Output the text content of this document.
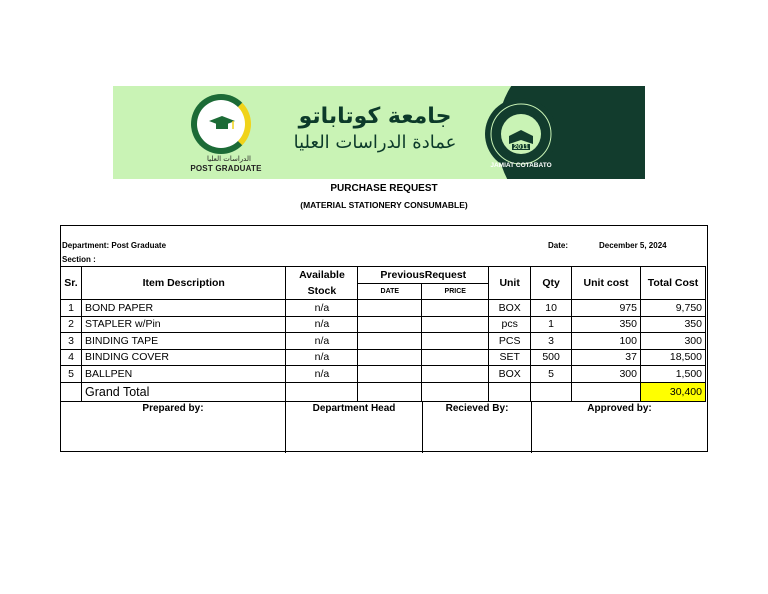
الدراسات العليا
POST GRADUATE
جامعة كوتاباتو
عمادة الدراسات العليا	2011
JAMIAT COTABATO
PURCHASE REQUEST
(MATERIAL STATIONERY CONSUMABLE)
Department: Post Graduate
Section :
Date:	December 5, 2024
Sr.	Item Description	Available	PreviousRequest		Unit	Qty	Unit cost	Total Cost
		Stock	DATE	PRICE				
1	BOND PAPER	n/a			BOX	10	975	9,750
2	STAPLER w/Pin	n/a			pcs	1	350	350
3	BINDING TAPE	n/a			PCS	3	100	300
4	BINDING COVER	n/a			SET	500	37	18,500
5	BALLPEN	n/a			BOX	5	300	1,500
	Grand Total							30,400
Prepared by:	Department Head	Recieved By:	Approved by:
